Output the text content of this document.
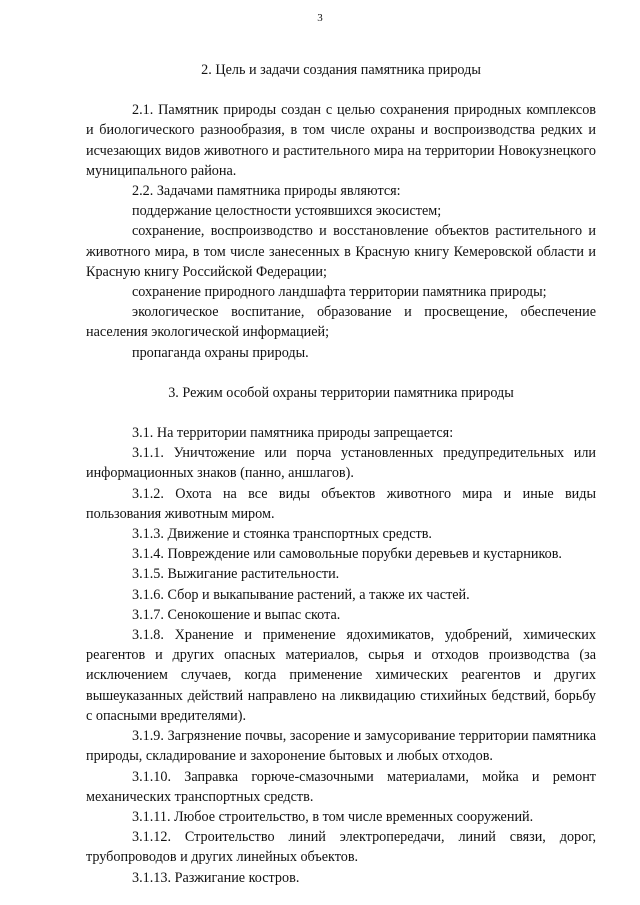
3
2. Цель и задачи создания памятника природы

2.1. Памятник природы создан с целью сохранения природных комплексов и биологического разнообразия, в том числе охраны и воспроизводства редких и исчезающих видов животного и растительного мира на территории Новокузнецкого муниципального района.

2.2. Задачами памятника природы являются:

поддержание целостности устоявшихся экосистем;

сохранение, воспроизводство и восстановление объектов растительного и животного мира, в том числе занесенных в Красную книгу Кемеровской области и Красную книгу Российской Федерации;

сохранение природного ландшафта территории памятника природы;

экологическое воспитание, образование и просвещение, обеспечение населения экологической информацией;

пропаганда охраны природы.

3. Режим особой охраны территории памятника природы

3.1. На территории памятника природы запрещается:

3.1.1. Уничтожение или порча установленных предупредительных или информационных знаков (панно, аншлагов).

3.1.2. Охота на все виды объектов животного мира и иные виды пользования животным миром.

3.1.3. Движение и стоянка транспортных средств.

3.1.4. Повреждение или самовольные порубки деревьев и кустарников.

3.1.5. Выжигание растительности.

3.1.6. Сбор и выкапывание растений, а также их частей.

3.1.7. Сенокошение и выпас скота.

3.1.8. Хранение и применение ядохимикатов, удобрений, химических реагентов и других опасных материалов, сырья и отходов производства (за исключением случаев, когда применение химических реагентов и других вышеуказанных действий направлено на ликвидацию стихийных бедствий, борьбу с опасными вредителями).

3.1.9. Загрязнение почвы, засорение и замусоривание территории памятника природы, складирование и захоронение бытовых и любых отходов.

3.1.10. Заправка горюче-смазочными материалами, мойка и ремонт механических транспортных средств.

3.1.11. Любое строительство, в том числе временных сооружений.

3.1.12. Строительство линий электропередачи, линий связи, дорог, трубопроводов и других линейных объектов.

3.1.13. Разжигание костров.
